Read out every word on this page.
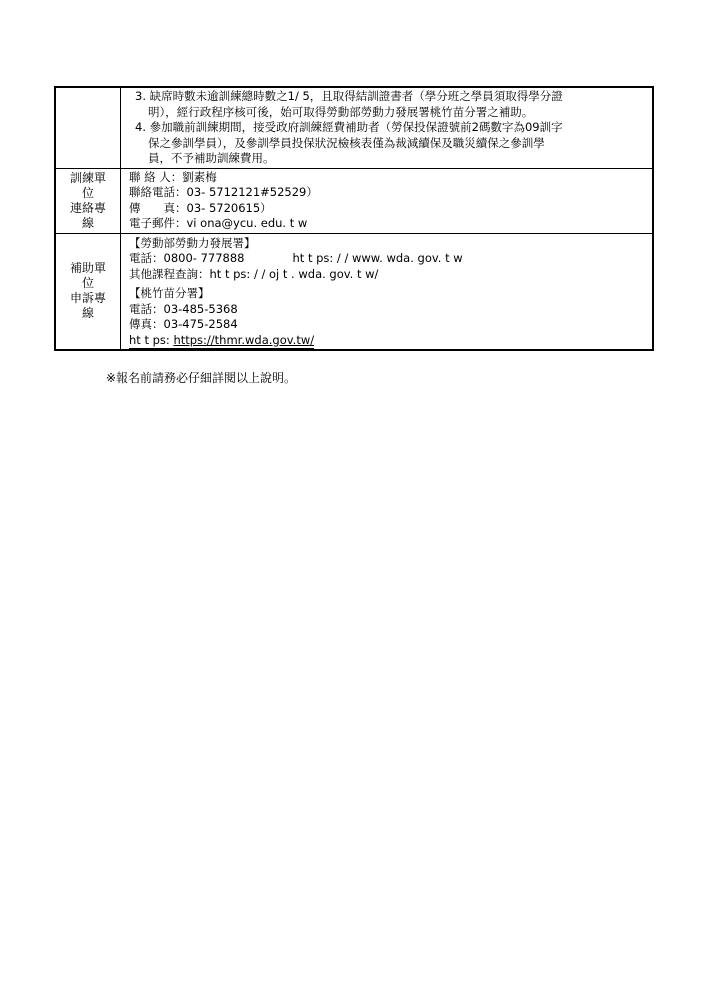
3. 缺席時數未逾訓練總時數之1/ 5，且取得結訓證書者（學分班之學員須取得學分證
明），經行政程序核可後，始可取得勞動部勞動力發展署桃竹苗分署之補助。
4. 參加職前訓練期間，接受政府訓練經費補助者（勞保投保證號前2碼數字為09訓字
保之參訓學員），及參訓學員投保狀況檢核表僅為裁減續保及職災續保之參訓學
員，不予補助訓練費用。
訓練單
位
連絡專
線
聯 絡 人：劉素梅
聯絡電話：03- 5712121#52529）
傳　　真：03- 5720615）
電子郵件：vi ona@ycu. edu. t w
補助單
位
申訴專
線
【勞動部勞動力發展署】
電話：0800- 777888	ht t ps: / / www. wda. gov. t w
其他課程查詢：ht t ps: / / oj t . wda. gov. t w/
【桃竹苗分署】
電話：03-485-5368
傳真：03-475-2584
ht t ps: https://thmr.wda.gov.tw/
※報名前請務必仔細詳閱以上說明。
